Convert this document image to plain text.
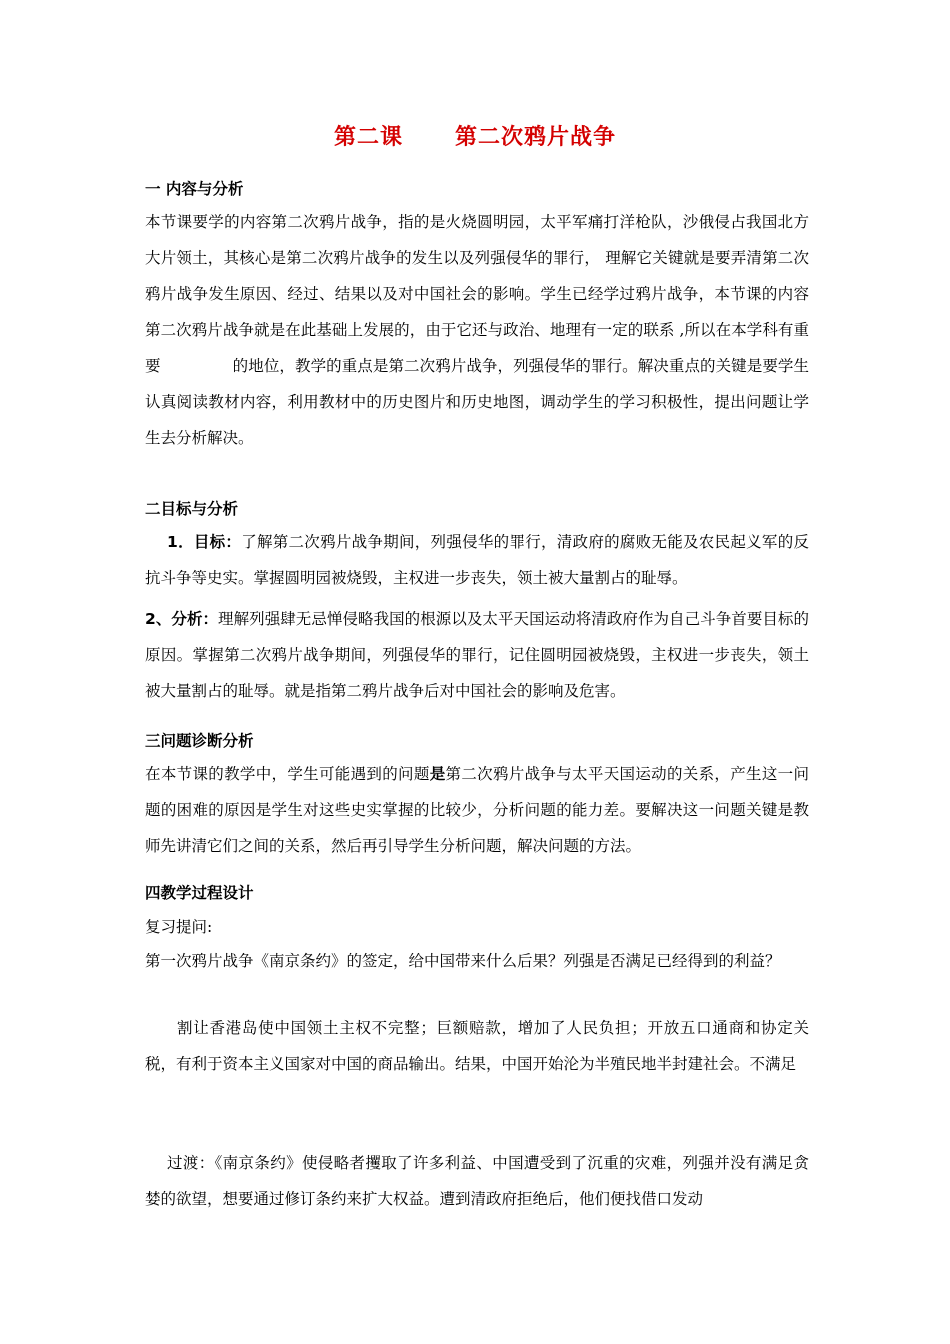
第二课 第二次鸦片战争
一 内容与分析
本节课要学的内容第二次鸦片战争，指的是火烧圆明园，太平军痛打洋枪队，沙俄侵占我国北方大片领土，其核心是第二次鸦片战争的发生以及列强侵华的罪行， 理解它关键就是要弄清第二次鸦片战争发生原因、经过、结果以及对中国社会的影响。学生已经学过鸦片战争，本节课的内容第二次鸦片战争就是在此基础上发展的，由于它还与政治、地理有一定的联系 ,所以在本学科有重要	的地位，教学的重点是第二次鸦片战争，列强侵华的罪行。解决重点的关键是要学生认真阅读教材内容，利用教材中的历史图片和历史地图，调动学生的学习积极性，提出问题让学生去分析解决。
二目标与分析
1．目标：了解第二次鸦片战争期间，列强侵华的罪行，清政府的腐败无能及农民起义军的反抗斗争等史实。掌握圆明园被烧毁，主权进一步丧失，领土被大量割占的耻辱。
2、分析：理解列强肆无忌惮侵略我国的根源以及太平天国运动将清政府作为自己斗争首要目标的原因。掌握第二次鸦片战争期间，列强侵华的罪行，记住圆明园被烧毁，主权进一步丧失，领土被大量割占的耻辱。就是指第二鸦片战争后对中国社会的影响及危害。
三问题诊断分析
在本节课的教学中，学生可能遇到的问题是第二次鸦片战争与太平天国运动的关系，产生这一问题的困难的原因是学生对这些史实掌握的比较少，分析问题的能力差。要解决这一问题关键是教师先讲清它们之间的关系，然后再引导学生分析问题，解决问题的方法。
四教学过程设计
复习提问:
第一次鸦片战争《南京条约》的签定，给中国带来什么后果？列强是否满足已经得到的利益？
割让香港岛使中国领土主权不完整；巨额赔款，增加了人民负担；开放五口通商和协定关税，有利于资本主义国家对中国的商品输出。结果，中国开始沦为半殖民地半封建社会。不满足
过渡：《南京条约》使侵略者攫取了许多利益、中国遭受到了沉重的灾难，列强并没有满足贪婪的欲望，想要通过修订条约来扩大权益。遭到清政府拒绝后，他们便找借口发动
